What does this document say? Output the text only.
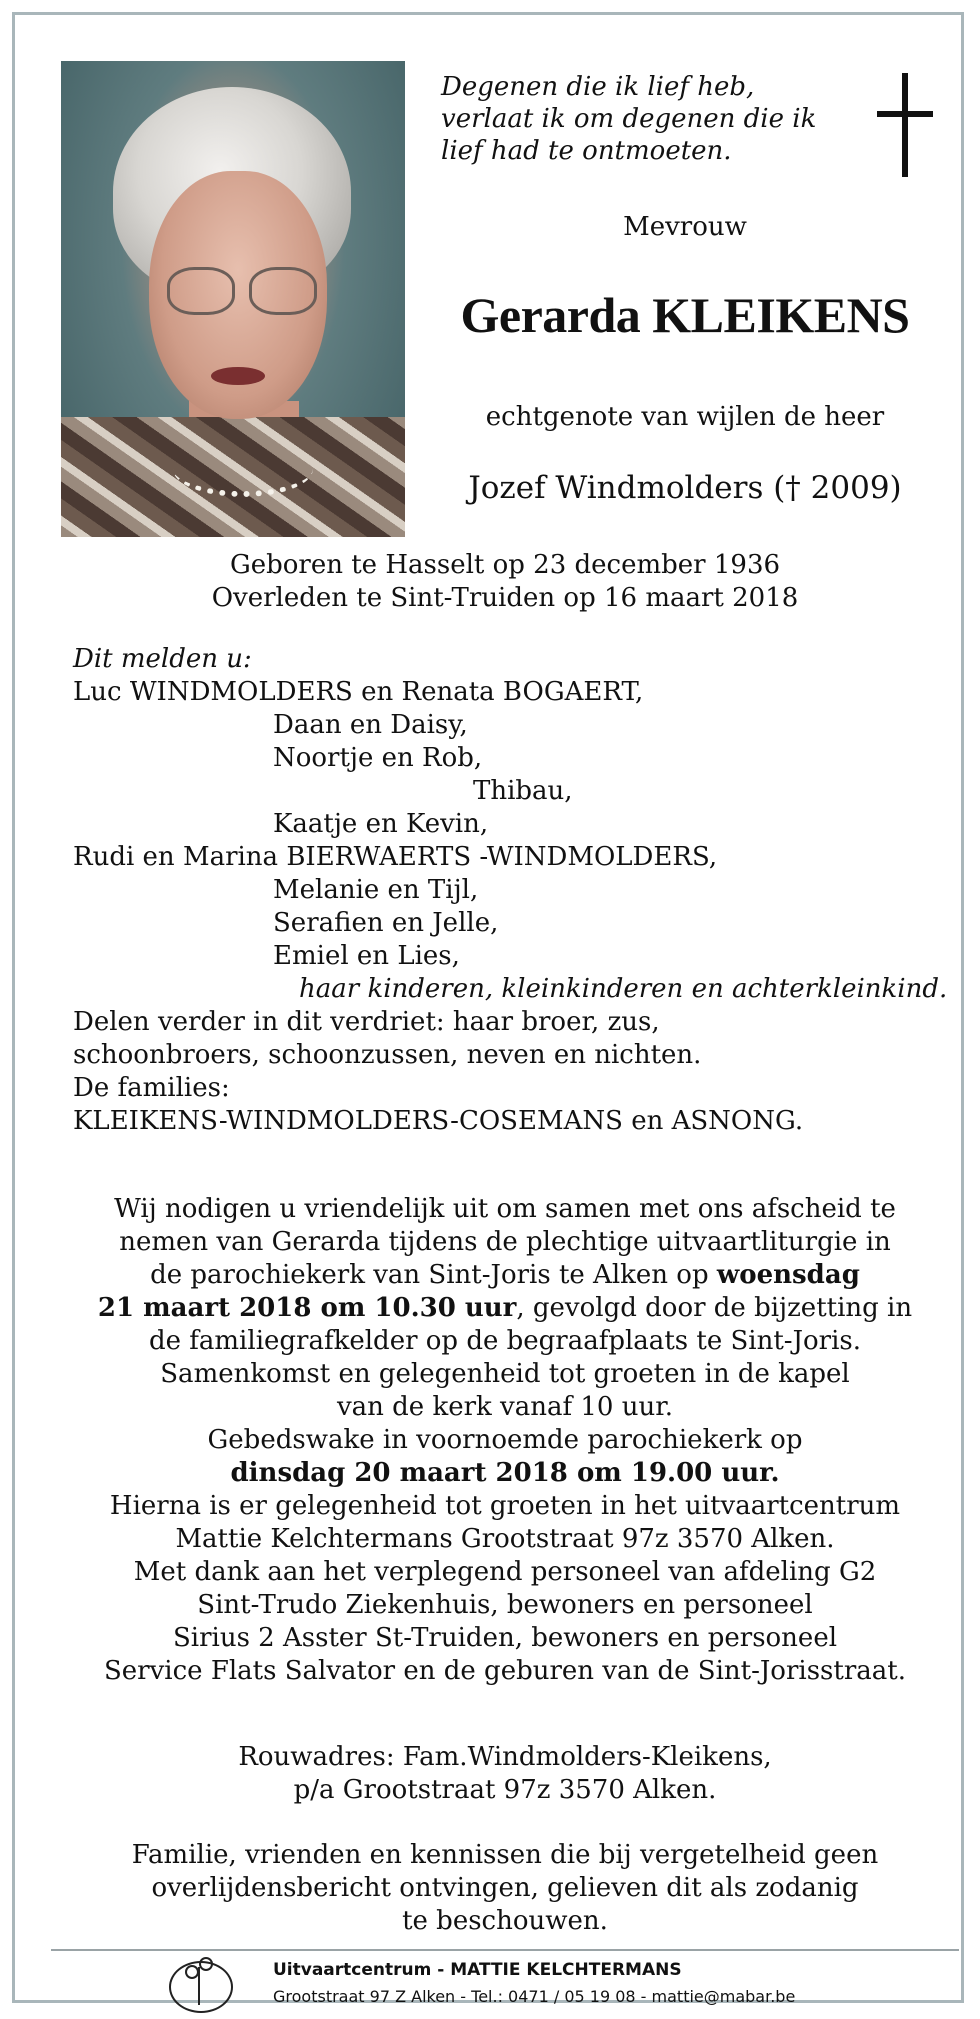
Degenen die ik lief heb,
verlaat ik om degenen die ik
lief had te ontmoeten.
Mevrouw
Gerarda KLEIKENS
echtgenote van wijlen de heer
Jozef Windmolders († 2009)
Geboren te Hasselt op 23 december 1936
Overleden te Sint-Truiden op 16 maart 2018
Dit melden u:
Luc WINDMOLDERS en Renata BOGAERT,
Daan en Daisy,
Noortje en Rob,
Thibau,
Kaatje en Kevin,
Rudi en Marina BIERWAERTS -WINDMOLDERS,
Melanie en Tijl,
Serafien en Jelle,
Emiel en Lies,
haar kinderen, kleinkinderen en achterkleinkind.
Delen verder in dit verdriet: haar broer, zus,
schoonbroers, schoonzussen, neven en nichten.
De families:
KLEIKENS-WINDMOLDERS-COSEMANS en ASNONG.
Wij nodigen u vriendelijk uit om samen met ons afscheid te
nemen van Gerarda tijdens de plechtige uitvaartliturgie in
de parochiekerk van Sint-Joris te Alken op woensdag
21 maart 2018 om 10.30 uur, gevolgd door de bijzetting in
de familiegrafkelder op de begraafplaats te Sint-Joris.
Samenkomst en gelegenheid tot groeten in de kapel
van de kerk vanaf 10 uur.
Gebedswake in voornoemde parochiekerk op
dinsdag 20 maart 2018 om 19.00 uur.
Hierna is er gelegenheid tot groeten in het uitvaartcentrum
Mattie Kelchtermans Grootstraat 97z 3570 Alken.
Met dank aan het verplegend personeel van afdeling G2
Sint-Trudo Ziekenhuis, bewoners en personeel
Sirius 2 Asster St-Truiden, bewoners en personeel
Service Flats Salvator en de geburen van de Sint-Jorisstraat.
Rouwadres: Fam.Windmolders-Kleikens,
p/a Grootstraat 97z 3570 Alken.
Familie, vrienden en kennissen die bij vergetelheid geen
overlijdensbericht ontvingen, gelieven dit als zodanig
te beschouwen.
Uitvaartcentrum - MATTIE KELCHTERMANS
Grootstraat 97 Z Alken - Tel.: 0471 / 05 19 08 - mattie@mabar.be
